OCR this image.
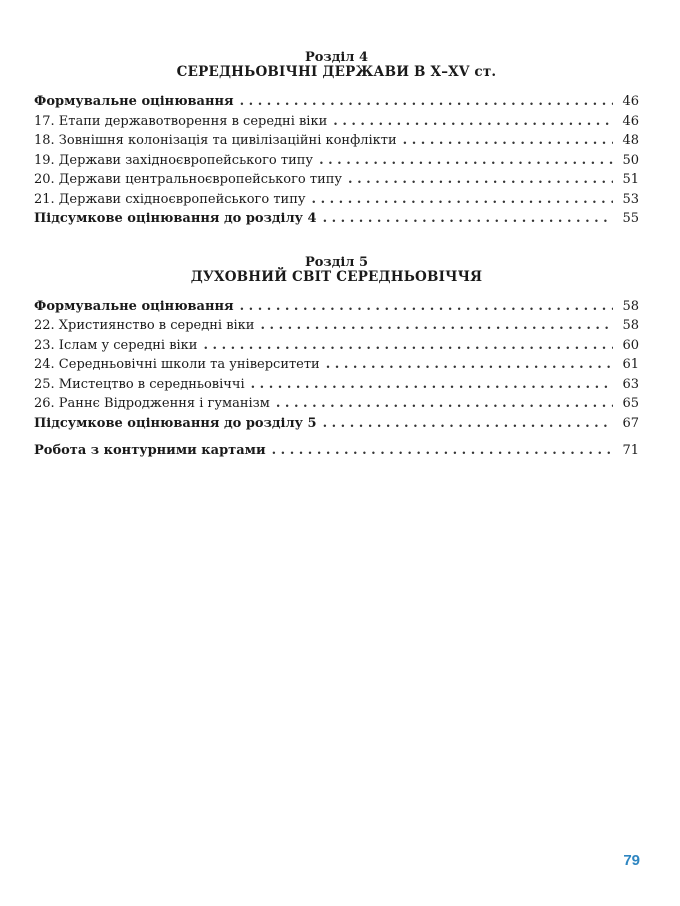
Розділ 4
СЕРЕДНЬОВІЧНІ ДЕРЖАВИ В X–XV ст.
Формувальне оцінювання . . .	46
17. Етапи державотворення в середні віки . . .	46
18. Зовнішня колонізація та цивілізаційні конфлікти . . .	48
19. Держави західноєвропейського типу . . .	50
20. Держави центральноєвропейського типу . . .	51
21. Держави східноєвропейського типу . . .	53
Підсумкове оцінювання до розділу 4 . . .	55
Розділ 5
ДУХОВНИЙ СВІТ СЕРЕДНЬОВІЧЧЯ
Формувальне оцінювання . . .	58
22. Християнство в середні віки . . .	58
23. Іслам у середні віки . . .	60
24. Середньовічні школи та університети . . .	61
25. Мистецтво в середньовіччі . . .	63
26. Раннє Відродження і гуманізм . . .	65
Підсумкове оцінювання до розділу 5 . . .	67
Робота з контурними картами . . .	71
79
